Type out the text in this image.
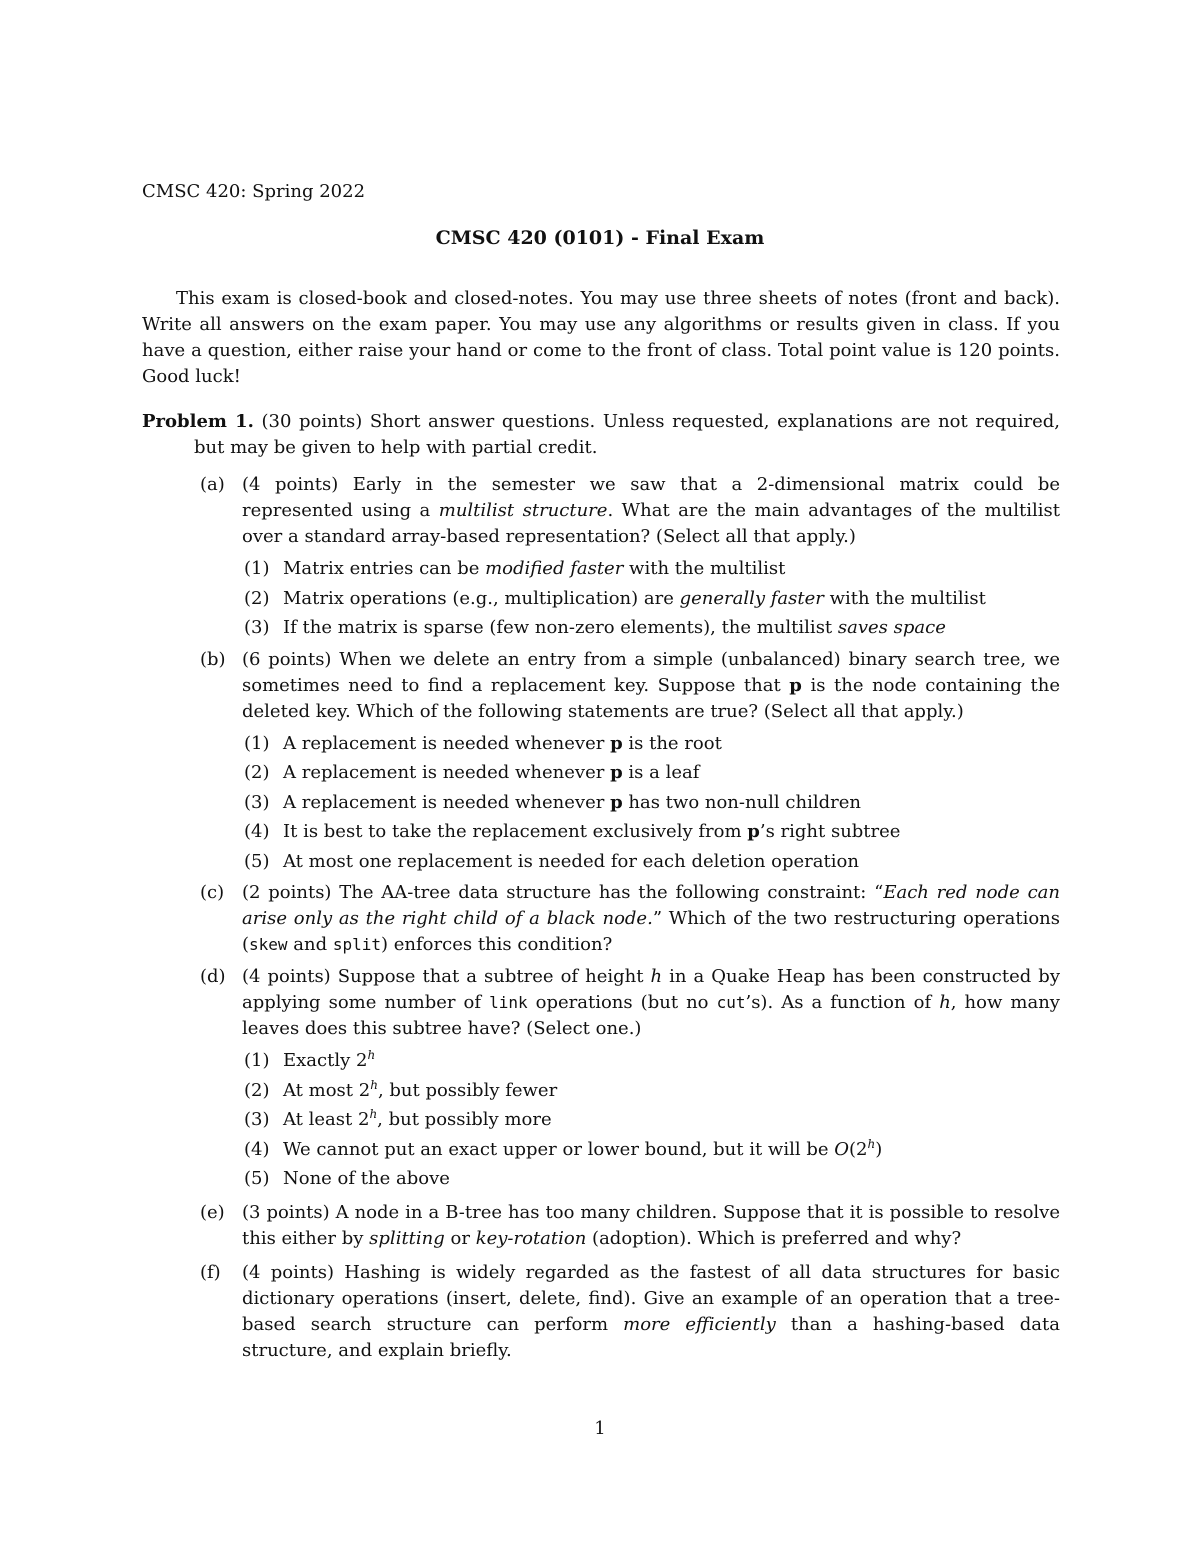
CMSC 420: Spring 2022
CMSC 420 (0101) - Final Exam

This exam is closed-book and closed-notes. You may use three sheets of notes (front and back). Write all answers on the exam paper. You may use any algorithms or results given in class. If you have a question, either raise your hand or come to the front of class. Total point value is 120 points. Good luck!

Problem 1. (30 points) Short answer questions. Unless requested, explanations are not required, but may be given to help with partial credit.

(a) (4 points) Early in the semester we saw that a 2-dimensional matrix could be represented using a multilist structure. What are the main advantages of the multilist over a standard array-based representation? (Select all that apply.)

(1) Matrix entries can be modified faster with the multilist
(2) Matrix operations (e.g., multiplication) are generally faster with the multilist
(3) If the matrix is sparse (few non-zero elements), the multilist saves space
(b) (6 points) When we delete an entry from a simple (unbalanced) binary search tree, we sometimes need to find a replacement key. Suppose that p is the node containing the deleted key. Which of the following statements are true? (Select all that apply.)

(1) A replacement is needed whenever p is the root
(2) A replacement is needed whenever p is a leaf
(3) A replacement is needed whenever p has two non-null children
(4) It is best to take the replacement exclusively from p’s right subtree
(5) At most one replacement is needed for each deletion operation
(c) (2 points) The AA-tree data structure has the following constraint: “Each red node can arise only as the right child of a black node.” Which of the two restructuring operations (skew and split) enforces this condition?

(d) (4 points) Suppose that a subtree of height h in a Quake Heap has been constructed by applying some number of link operations (but no cut’s). As a function of h, how many leaves does this subtree have? (Select one.)

(1) Exactly 2$^h$
(2) At most 2$^h$, but possibly fewer
(3) At least 2$^h$, but possibly more
(4) We cannot put an exact upper or lower bound, but it will be O(2$^h$)
(5) None of the above
(e) (3 points) A node in a B-tree has too many children. Suppose that it is possible to resolve this either by splitting or key-rotation (adoption). Which is preferred and why?

(f) (4 points) Hashing is widely regarded as the fastest of all data structures for basic dictionary operations (insert, delete, find). Give an example of an operation that a tree-based search structure can perform more efficiently than a hashing-based data structure, and explain briefly.

1
